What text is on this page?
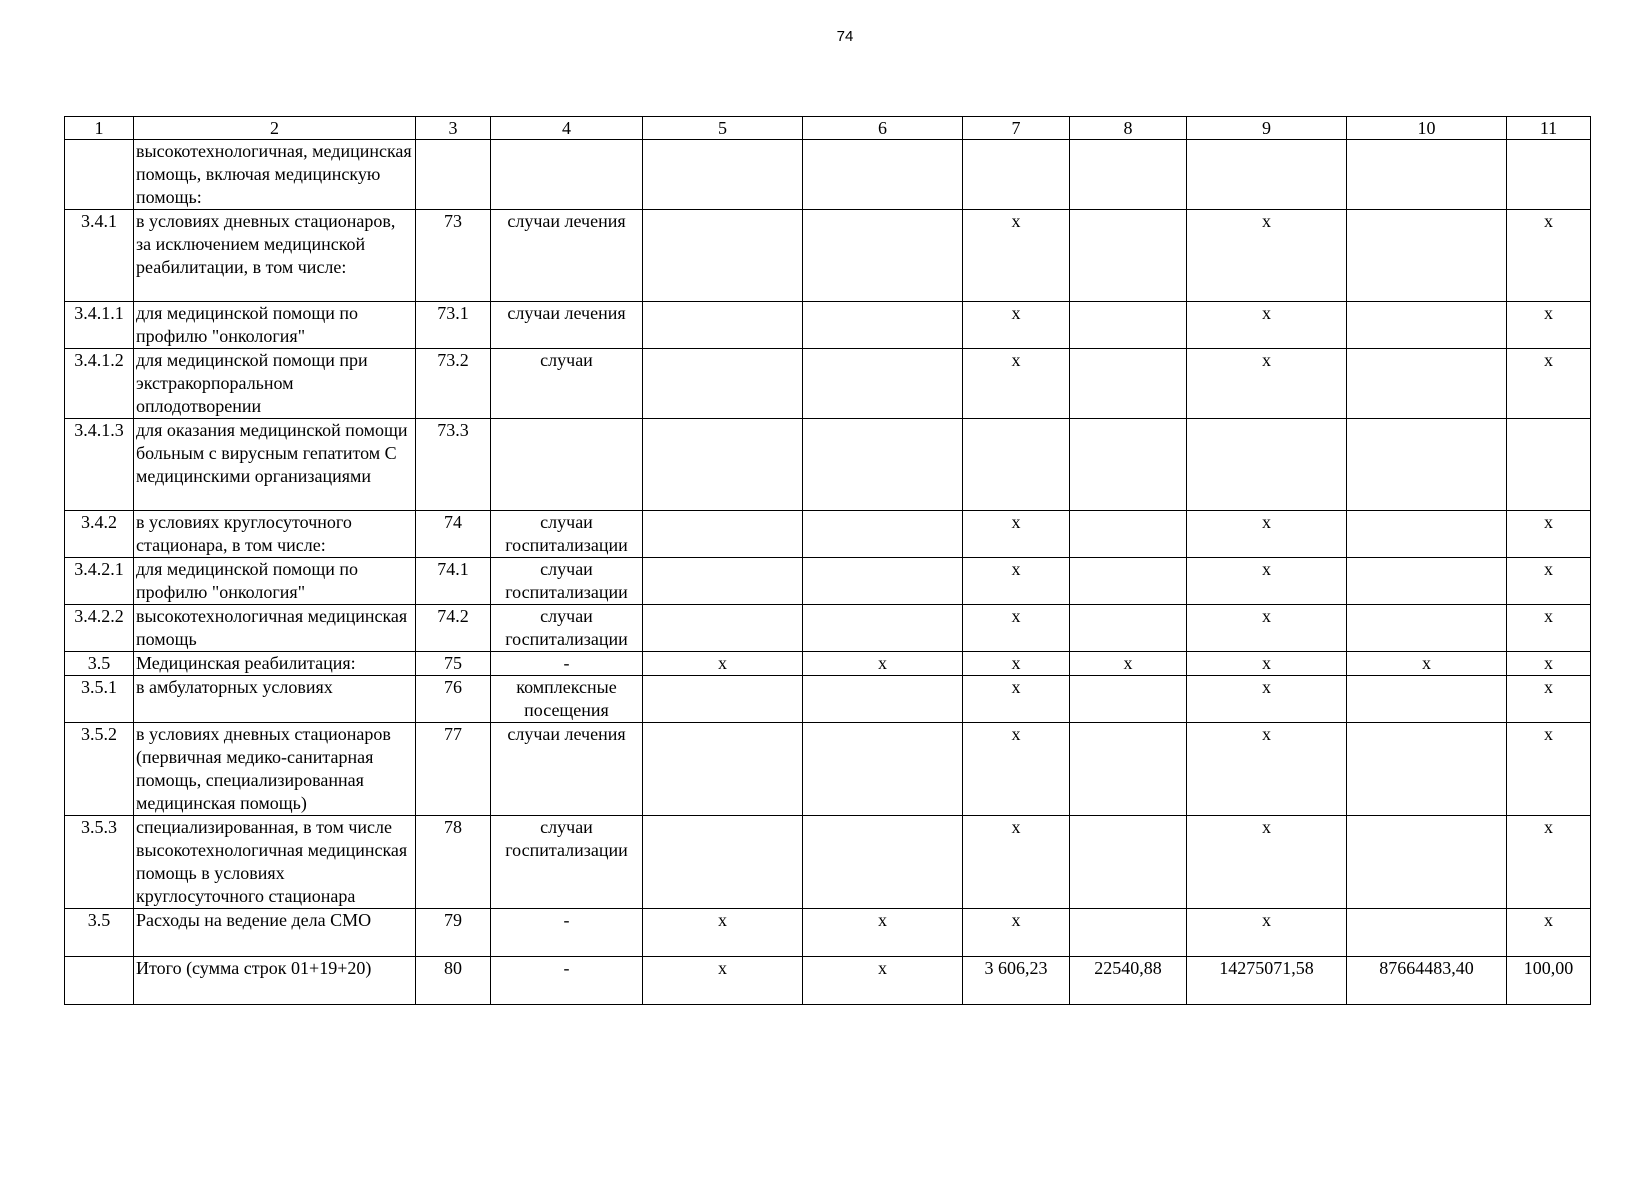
74
1	2	3	4	5	6	7	8	9	10	11
	высокотехнологичная, медицинская помощь, включая медицинскую помощь:									
3.4.1	в условиях дневных стационаров, за исключением медицинской реабилитации, в том числе:	73	случаи лечения			x		x		x
3.4.1.1	для медицинской помощи по профилю "онкология"	73.1	случаи лечения			x		x		x
3.4.1.2	для медицинской помощи при экстракорпоральном оплодотворении	73.2	случаи			x		x		x
3.4.1.3	для оказания медицинской помощи больным с вирусным гепатитом С медицинскими организациями	73.3								
3.4.2	в условиях круглосуточного стационара, в том числе:	74	случаи госпитализации			x		x		x
3.4.2.1	для медицинской помощи по профилю "онкология"	74.1	случаи госпитализации			x		x		x
3.4.2.2	высокотехнологичная медицинская помощь	74.2	случаи госпитализации			x		x		x
3.5	Медицинская реабилитация:	75	-	x	x	x	x	x	x	x
3.5.1	в амбулаторных условиях	76	комплексные посещения			x		x		x
3.5.2	в условиях дневных стационаров (первичная медико-санитарная помощь, специализированная медицинская помощь)	77	случаи лечения			x		x		x
3.5.3	специализированная, в том числе высокотехнологичная медицинская помощь в условиях круглосуточного стационара	78	случаи госпитализации			x		x		x
3.5	Расходы на ведение дела СМО	79	-	x	x	x		x		x
	Итого (сумма строк 01+19+20)	80	-	x	x	3 606,23	22540,88	14275071,58	87664483,40	100,00
